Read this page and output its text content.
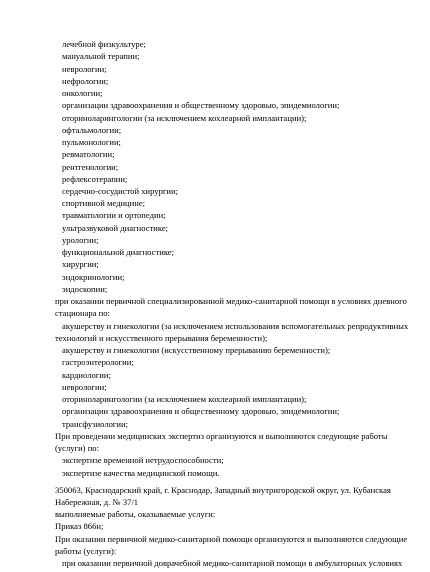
лечебной физкультуре;
мануальной терапии;
неврологии;
нефрологии;
онкологии;
организации здравоохранения и общественному здоровью, эпидемиологии;
оториноларингологии (за исключением кохлеарной имплантации);
офтальмологии;
пульмонологии;
ревматологии;
рентгенологии;
рефлексотерапии;
сердечно-сосудистой хирургии;
спортивной медицине;
травматологии и ортопедии;
ультразвуковой диагностике;
урологии;
функциональной диагностике;
хирургии;
эндокринологии;
эндоскопии;
при оказании первичной специализированной медико-санитарной помощи в условиях дневного
стационара по:
акушерству и гинекологии (за исключением использования вспомогательных репродуктивных
технологий и искусственного прерывания беременности);
акушерству и гинекологии (искусственному прерыванию беременности);
гастроэнтерологии;
кардиологии;
неврологии;
оториноларингологии (за исключением кохлеарной имплантации);
организации здравоохранения и общественному здоровью, эпидемиологии;
трансфузиологии;
При проведении медицинских экспертиз организуются и выполняются следующие работы
(услуги) по:
экспертизе временной нетрудоспособности;
экспертизе качества медицинской помощи.
350063, Краснодарский край, г. Краснодар, Западный внутригородской округ, ул. Кубанская
Набережная, д. № 37/1
выполняемые работы, оказываемые услуги:
Приказ 866н;
При оказании первичной медико-санитарной помощи организуются и выполняются следующие
работы (услуги):
при оказании первичной доврачебной медико-санитарной помощи в амбулаторных условиях
